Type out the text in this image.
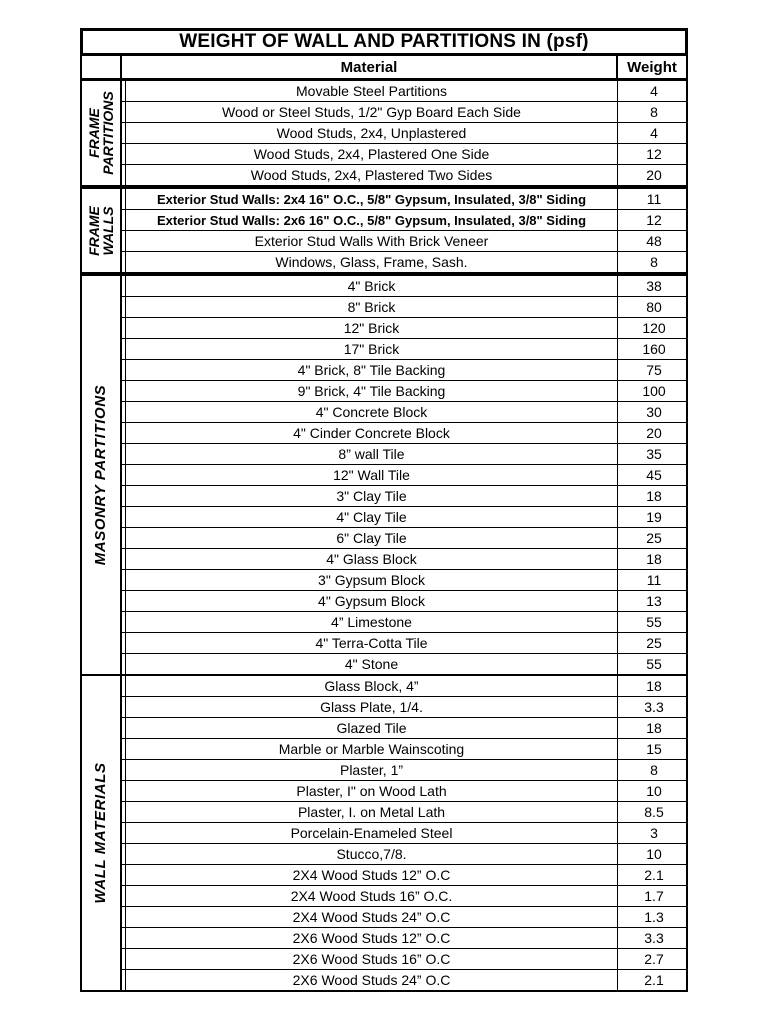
WEIGHT OF WALL AND PARTITIONS IN (psf)
Material	Weight
FRAME
PARTITIONS
Movable Steel Partitions	4
Wood or Steel Studs, 1/2" Gyp Board Each Side	8
Wood Studs, 2x4, Unplastered	4
Wood Studs, 2x4, Plastered One Side	12
Wood Studs, 2x4, Plastered Two Sides	20
FRAME
WALLS
Exterior Stud Walls: 2x4 16" O.C., 5/8" Gypsum, Insulated, 3/8" Siding	11
Exterior Stud Walls: 2x6 16" O.C., 5/8" Gypsum, Insulated, 3/8" Siding	12
Exterior Stud Walls With Brick Veneer	48
Windows, Glass, Frame, Sash.	8
MASONRY PARTITIONS
4" Brick	38
8" Brick	80
12" Brick	120
17" Brick	160
4" Brick, 8" Tile Backing	75
9" Brick, 4" Tile Backing	100
4" Concrete Block	30
4" Cinder Concrete Block	20
8” wall Tile	35
12" Wall Tile	45
3" Clay Tile	18
4" Clay Tile	19
6" Clay Tile	25
4" Glass Block	18
3" Gypsum Block	11
4" Gypsum Block	13
4” Limestone	55
4" Terra-Cotta Tile	25
4" Stone	55
WALL MATERIALS
Glass Block, 4”	18
Glass Plate, 1/4.	3.3
Glazed Tile	18
Marble or Marble Wainscoting	15
Plaster, 1”	8
Plaster, I" on Wood Lath	10
Plaster, I. on Metal Lath	8.5
Porcelain-Enameled Steel	3
Stucco,7/8.	10
2X4 Wood Studs 12” O.C	2.1
2X4 Wood Studs 16” O.C.	1.7
2X4 Wood Studs 24” O.C	1.3
2X6 Wood Studs 12” O.C	3.3
2X6 Wood Studs 16” O.C	2.7
2X6 Wood Studs 24” O.C	2.1
